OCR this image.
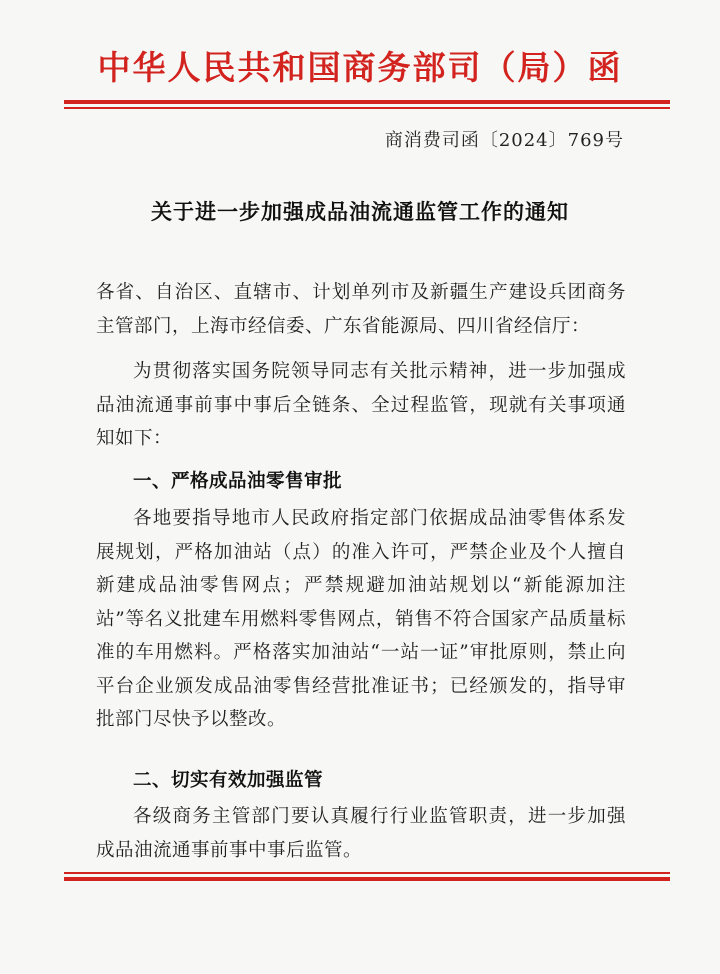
中华人民共和国商务部司（局）函
商消费司函〔2024〕769号
关于进一步加强成品油流通监管工作的通知
各省、自治区、直辖市、计划单列市及新疆生产建设兵团商务主管部门，上海市经信委、广东省能源局、四川省经信厅：
为贯彻落实国务院领导同志有关批示精神，进一步加强成品油流通事前事中事后全链条、全过程监管，现就有关事项通知如下：
一、严格成品油零售审批
各地要指导地市人民政府指定部门依据成品油零售体系发展规划，严格加油站（点）的准入许可，严禁企业及个人擅自新建成品油零售网点；严禁规避加油站规划以“新能源加注站”等名义批建车用燃料零售网点，销售不符合国家产品质量标准的车用燃料。严格落实加油站“一站一证”审批原则，禁止向平台企业颁发成品油零售经营批准证书；已经颁发的，指导审批部门尽快予以整改。
二、切实有效加强监管
各级商务主管部门要认真履行行业监管职责，进一步加强成品油流通事前事中事后监管。
